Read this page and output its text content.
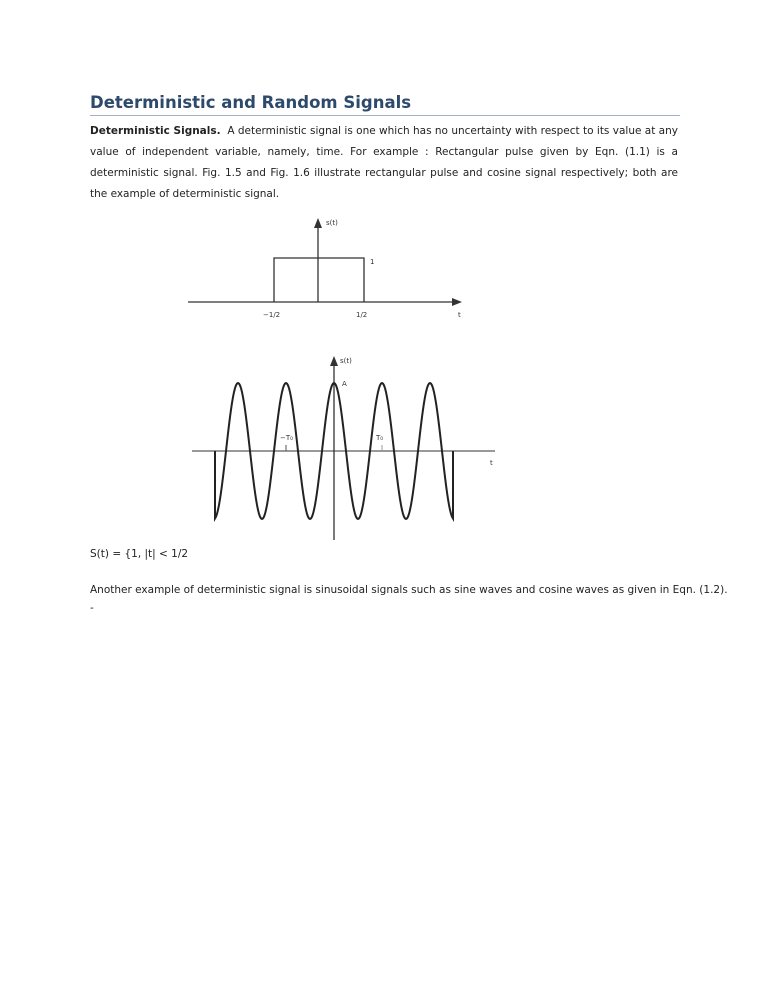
Deterministic and Random Signals

Deterministic Signals. A deterministic signal is one which has no uncertainty with respect to its value at any value of independent variable, namely, time. For example : Rectangular pulse given by Eqn. (1.1) is a deterministic signal. Fig. 1.5 and Fig. 1.6 illustrate rectangular pulse and cosine signal respectively; both are the example of deterministic signal.

s(t)
1
−1/2	1/2	t
s(t)
A
−T₀	T₀
t

S(t) = {1, |t| < 1/2

Another example of deterministic signal is sinusoidal signals such as sine waves and cosine waves as given in Eqn. (1.2).

-
